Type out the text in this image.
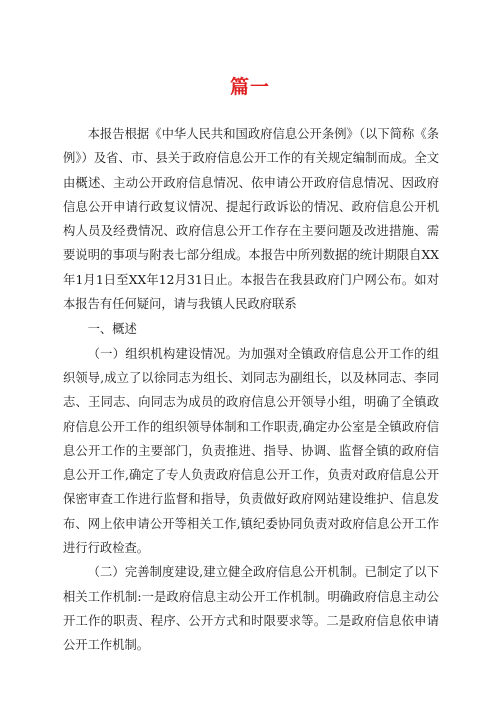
篇一

本报告根据《中华人民共和国政府信息公开条例》（以下简称《条例》）及省、市、县关于政府信息公开工作的有关规定编制而成。全文由概述、主动公开政府信息情况、依申请公开政府信息情况、因政府信息公开申请行政复议情况、提起行政诉讼的情况、政府信息公开机构人员及经费情况、政府信息公开工作存在主要问题及改进措施、需要说明的事项与附表七部分组成。本报告中所列数据的统计期限自XX年1月1日至XX年12月31日止。本报告在我县政府门户网公布。如对本报告有任何疑问，请与我镇人民政府联系

一、概述

（一）组织机构建设情况。为加强对全镇政府信息公开工作的组织领导,成立了以徐同志为组长、刘同志为副组长，以及林同志、李同志、王同志、向同志为成员的政府信息公开领导小组，明确了全镇政府信息公开工作的组织领导体制和工作职责,确定办公室是全镇政府信息公开工作的主要部门，负责推进、指导、协调、监督全镇的政府信息公开工作,确定了专人负责政府信息公开工作，负责对政府信息公开保密审查工作进行监督和指导，负责做好政府网站建设维护、信息发布、网上依申请公开等相关工作,镇纪委协同负责对政府信息公开工作进行行政检查。

（二）完善制度建设,建立健全政府信息公开机制。已制定了以下相关工作机制:一是政府信息主动公开工作机制。明确政府信息主动公开工作的职责、程序、公开方式和时限要求等。二是政府信息依申请公开工作机制。
